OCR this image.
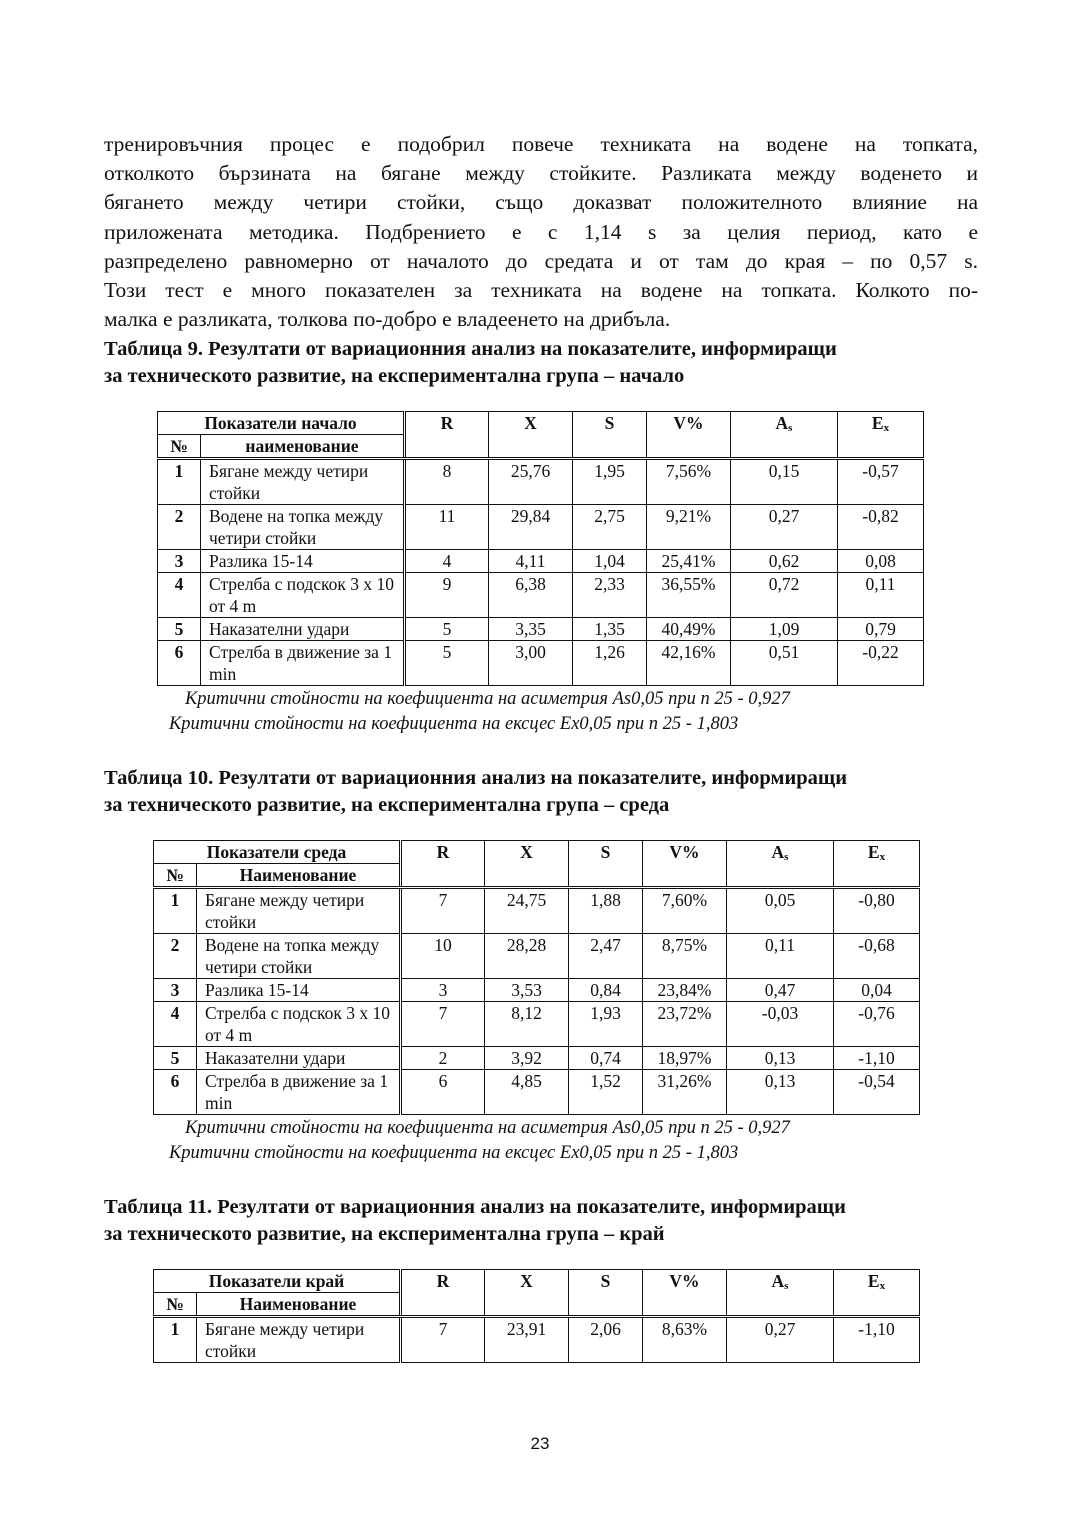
тренировъчния процес е подобрил повече техниката на водене на топката,
отколкото бързината на бягане между стойките. Разликата между воденето и
бягането между четири стойки, също доказват положителното влияние на
приложената методика. Подбрението е с 1,14 s за целия период, като е
разпределено равномерно от началото до средата и от там до края – по 0,57 s.
Този тест е много показателен за техниката на водене на топката. Колкото по-
малка е разликата, толкова по-добро е владеенето на дрибъла.

Таблица 9. Резултати от вариационния анализ на показателите, информиращи
за техническото развитие, на експериментална група – начало

Показатели начало		R	X	S	V%	$A_s$	$E_x$
№	наименование						
1	Бягане между четири стойки	8	25,76	1,95	7,56%	0,15	-0,57
2	Водене на топка между четири стойки	11	29,84	2,75	9,21%	0,27	-0,82
3	Разлика 15-14	4	4,11	1,04	25,41%	0,62	0,08
4	Стрелба с подскок 3 х 10 от 4 m	9	6,38	2,33	36,55%	0,72	0,11
5	Наказателни удари	5	3,35	1,35	40,49%	1,09	0,79
6	Стрелба в движение за 1 min	5	3,00	1,26	42,16%	0,51	-0,22

Критични стойности на коефициента на асиметрия As0,05 при n 25 - 0,927

Критични стойности на коефициента на ексцес Ex0,05 при n 25 - 1,803

Таблица 10. Резултати от вариационния анализ на показателите, информиращи
за техническото развитие, на експериментална група – среда

Показатели среда		R	X	S	V%	$A_s$	$E_x$
№	Наименование						
1	Бягане между четири стойки	7	24,75	1,88	7,60%	0,05	-0,80
2	Водене на топка между четири стойки	10	28,28	2,47	8,75%	0,11	-0,68
3	Разлика 15-14	3	3,53	0,84	23,84%	0,47	0,04
4	Стрелба с подскок 3 х 10 от 4 m	7	8,12	1,93	23,72%	-0,03	-0,76
5	Наказателни удари	2	3,92	0,74	18,97%	0,13	-1,10
6	Стрелба в движение за 1 min	6	4,85	1,52	31,26%	0,13	-0,54

Критични стойности на коефициента на асиметрия As0,05 при n 25 - 0,927

Критични стойности на коефициента на ексцес Ex0,05 при n 25 - 1,803

Таблица 11. Резултати от вариационния анализ на показателите, информиращи
за техническото развитие, на експериментална група – край

Показатели край		R	X	S	V%	$A_s$	$E_x$
№	Наименование						
1	Бягане между четири стойки	7	23,91	2,06	8,63%	0,27	-1,10
23
